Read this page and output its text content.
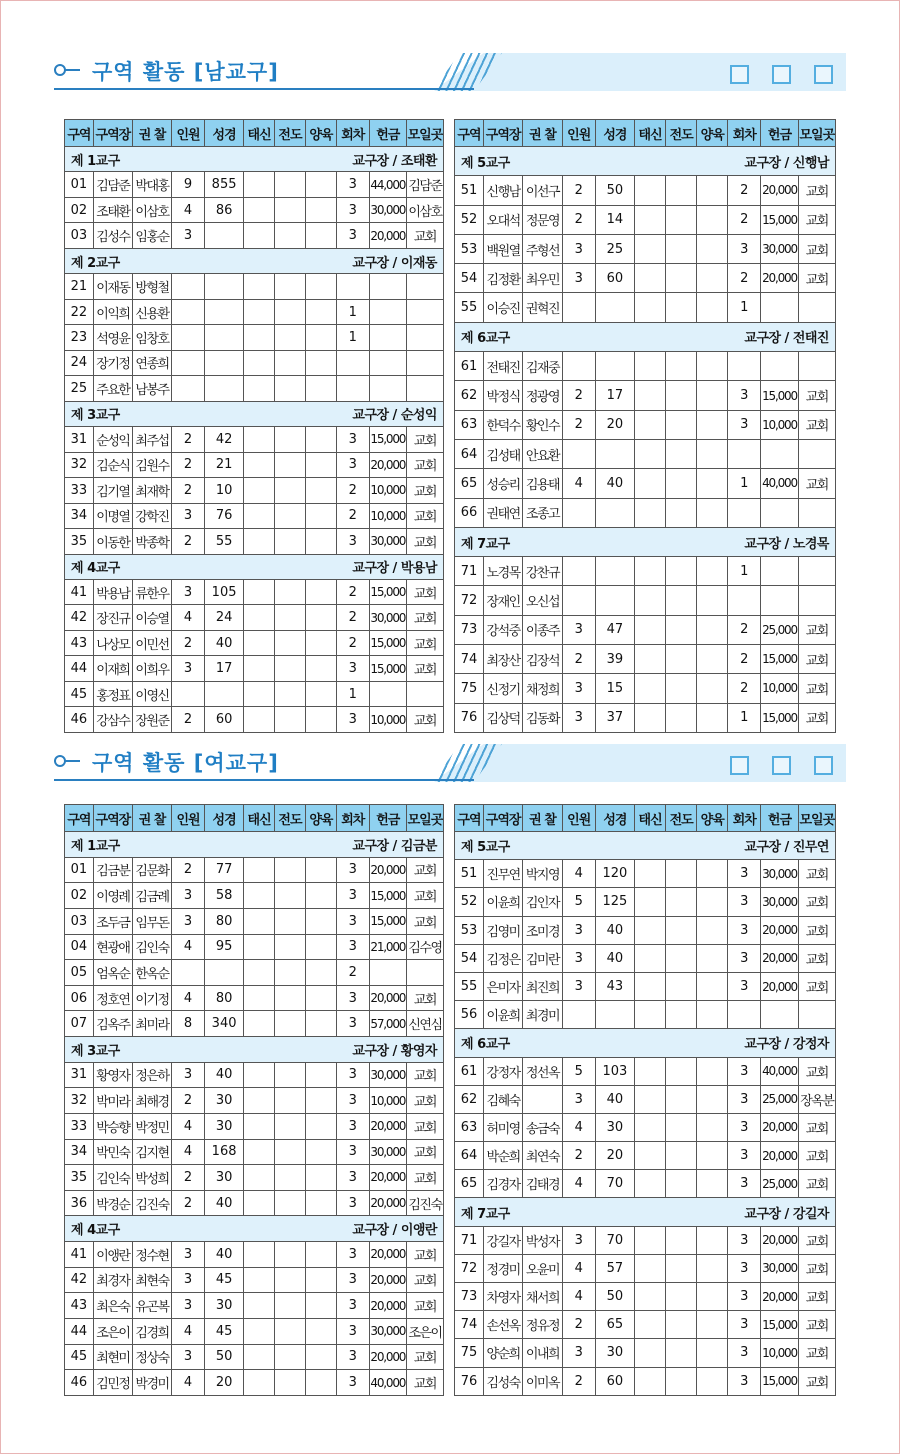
구역 활동 [남교구]
구역	구역장	권 찰	인원	성경	태신	전도	양육	회차	헌금	모일곳

교구장 / 조태환
제 1교구										
01	김담준	박대홍	9	855				3	44,000	김담준
02	조태환	이삼호	4	86				3	30,000	이삼호
03	김성수	임홍순	3					3	20,000	교회

교구장 / 이재동
제 2교구										
21	이재동	방형철								
22	이익희	신용환						1		
23	석영윤	임창호						1		
24	장기정	연종희								
25	주요한	남봉주								

교구장 / 순성익
제 3교구										
31	순성익	최주섭	2	42				3	15,000	교회
32	김순식	김원수	2	21				3	20,000	교회
33	김기열	최재학	2	10				2	10,000	교회
34	이명열	강학진	3	76				2	10,000	교회
35	이동한	박종학	2	55				3	30,000	교회

교구장 / 박용남
제 4교구										
41	박용남	류한우	3	105				2	15,000	교회
42	장진규	이승열	4	24				2	30,000	교회
43	나상모	이민선	2	40				2	15,000	교회
44	이재희	이희우	3	17				3	15,000	교회
45	홍정표	이영신						1		
46	강삼수	장원준	2	60				3	10,000	교회
구역	구역장	권 찰	인원	성경	태신	전도	양육	회차	헌금	모일곳

교구장 / 신행남
제 5교구										
51	신행남	이선구	2	50				2	20,000	교회
52	오대석	정문영	2	14				2	15,000	교회
53	백원열	주형선	3	25				3	30,000	교회
54	김정환	최우민	3	60				2	20,000	교회
55	이승진	권혁진						1		

교구장 / 전태진
제 6교구										
61	전태진	김재중								
62	박정식	정광영	2	17				3	15,000	교회
63	한덕수	황인수	2	20				3	10,000	교회
64	김성태	안요환								
65	성승리	김용태	4	40				1	40,000	교회
66	권태연	조종고								

교구장 / 노경목
제 7교구										
71	노경목	강찬규						1		
72	장재인	오신섭								
73	강석중	이종주	3	47				2	25,000	교회
74	최장산	김장석	2	39				2	15,000	교회
75	신정기	채정희	3	15				2	10,000	교회
76	김상덕	김동화	3	37				1	15,000	교회
구역 활동 [여교구]
구역	구역장	권 찰	인원	성경	태신	전도	양육	회차	헌금	모일곳

교구장 / 김금분
제 1교구										
01	김금분	김문화	2	77				3	20,000	교회
02	이영례	김금례	3	58				3	15,000	교회
03	조두금	임무돈	3	80				3	15,000	교회
04	현광애	김인숙	4	95				3	21,000	김수영
05	엄옥순	한옥순						2		
06	정호연	이기정	4	80				3	20,000	교회
07	김옥주	최미라	8	340				3	57,000	신연심

교구장 / 황영자
제 3교구										
31	황영자	정은하	3	40				3	30,000	교회
32	박미라	최해경	2	30				3	10,000	교회
33	박승향	박정민	4	30				3	20,000	교회
34	박민숙	김지현	4	168				3	30,000	교회
35	김인숙	박성희	2	30				3	20,000	교회
36	박경순	김진숙	2	40				3	20,000	김진숙

교구장 / 이앵란
제 4교구										
41	이앵란	정수현	3	40				3	20,000	교회
42	최경자	최현숙	3	45				3	20,000	교회
43	최은숙	유곤복	3	30				3	20,000	교회
44	조은이	김경희	4	45				3	30,000	조은이
45	최현미	정상숙	3	50				3	20,000	교회
46	김민정	박경미	4	20				3	40,000	교회
구역	구역장	권 찰	인원	성경	태신	전도	양육	회차	헌금	모일곳

교구장 / 진무연
제 5교구										
51	진무연	박지영	4	120				3	30,000	교회
52	이윤희	김인자	5	125				3	30,000	교회
53	김영미	조미경	3	40				3	20,000	교회
54	김정은	김미란	3	40				3	20,000	교회
55	은미자	최진희	3	43				3	20,000	교회
56	이윤희	최경미								

교구장 / 강정자
제 6교구										
61	강정자	정선옥	5	103				3	40,000	교회
62	김혜숙		3	40				3	25,000	장옥분
63	허미영	송금숙	4	30				3	20,000	교회
64	박순희	최연숙	2	20				3	20,000	교회
65	김경자	김태경	4	70				3	25,000	교회

교구장 / 강길자
제 7교구										
71	강길자	박성자	3	70				3	20,000	교회
72	정경미	오윤미	4	57				3	30,000	교회
73	차영자	채서희	4	50				3	20,000	교회
74	손선옥	정유정	2	65				3	15,000	교회
75	양순희	이내희	3	30				3	10,000	교회
76	김성숙	이미옥	2	60				3	15,000	교회
